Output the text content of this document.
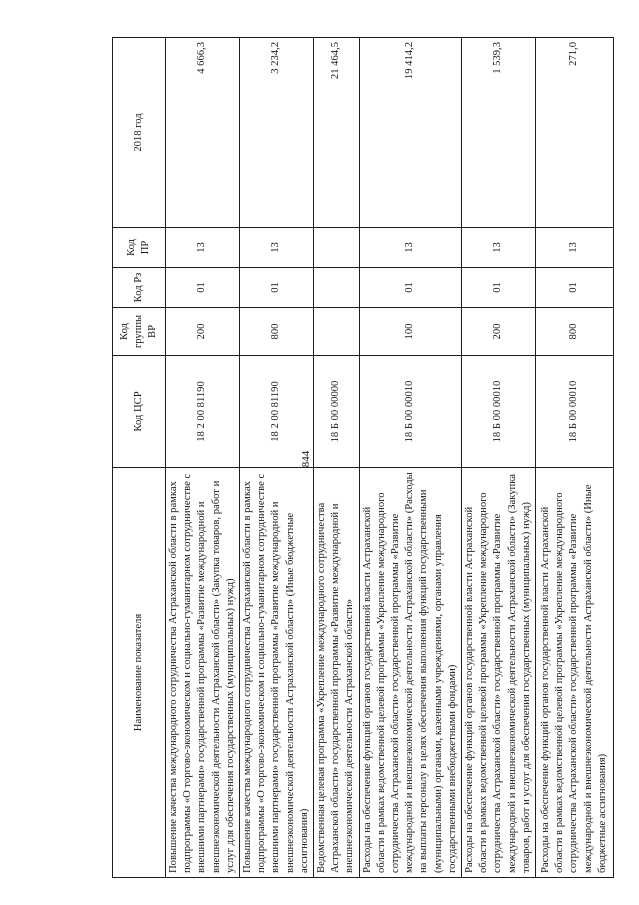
844
Наименование показателя	Код ЦСР	Код группы ВР	Код Рз	Код ПР	2018 год
Повышение качества международного сотрудничества Астраханской области в рамках подпрограммы «О торгово-экономическом и социально-гуманитарном сотрудничестве с внешними партнерами» государственной программы «Развитие международной и внешнеэкономической деятельности Астраханской области» (Закупка товаров, работ и услуг для обеспечения государственных (муниципальных) нужд)	18 2 00 81190	200	01	13	4 666,3
Повышение качества международного сотрудничества Астраханской области в рамках подпрограммы «О торгово-экономическом и социально-гуманитарном сотрудничестве с внешними партнерами» государственной программы «Развитие международной и внешнеэкономической деятельности Астраханской области» (Иные бюджетные ассигнования)	18 2 00 81190	800	01	13	3 234,2
Ведомственная целевая программа «Укрепление международного сотрудничества Астраханской области» государственной программы «Развитие международной и внешнеэкономической деятельности Астраханской области»	18 Б 00 00000				21 464,5
Расходы на обеспечение функций органов государственной власти Астраханской области в рамках ведомственной целевой программы «Укрепление международного сотрудничества Астраханской области» государственной программы «Развитие международной и внешнеэкономической деятельности Астраханской области» (Расходы на выплаты персоналу в целях обеспечения выполнения функций государственными (муниципальными) органами, казенными учреждениями, органами управления государственными внебюджетными фондами)	18 Б 00 00010	100	01	13	19 414,2
Расходы на обеспечение функций органов государственной власти Астраханской области в рамках ведомственной целевой программы «Укрепление международного сотрудничества Астраханской области» государственной программы «Развитие международной и внешнеэкономической деятельности Астраханской области» (Закупка товаров, работ и услуг для обеспечения государственных (муниципальных) нужд)	18 Б 00 00010	200	01	13	1 539,3
Расходы на обеспечение функций органов государственной власти Астраханской области в рамках ведомственной целевой программы «Укрепление международного сотрудничества Астраханской области» государственной программы «Развитие международной и внешнеэкономической деятельности Астраханской области» (Иные бюджетные ассигнования)	18 Б 00 00010	800	01	13	271,0
